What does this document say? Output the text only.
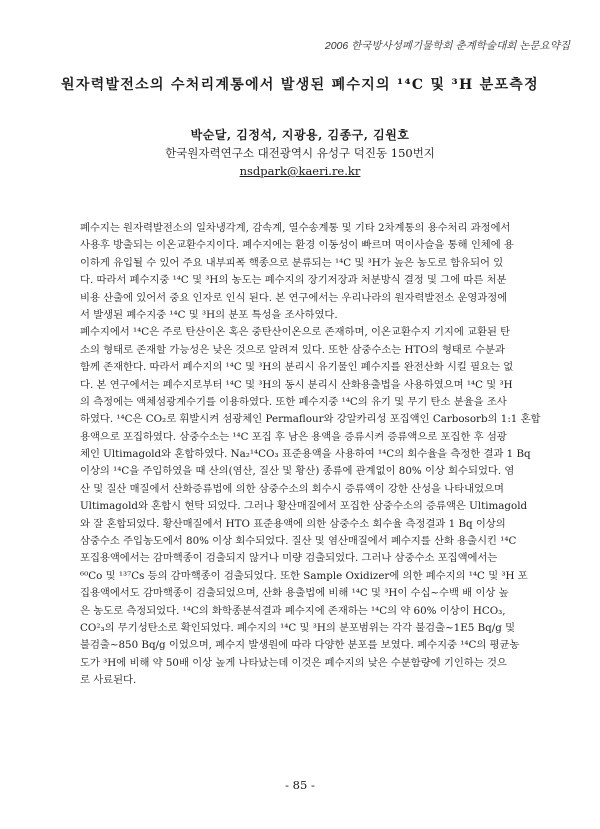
2006 한국방사성폐기물학회 춘계학술대회 논문요약집
원자력발전소의 수처리계통에서 발생된 폐수지의 ¹⁴C 및 ³H 분포측정
박순달, 김정석, 지광용, 김종구, 김원호
한국원자력연구소 대전광역시 유성구 덕진동 150번지
nsdpark@kaeri.re.kr
폐수지는 원자력발전소의 일차냉각계, 감속계, 열수송계통 및 기타 2차계통의 용수처리 과정에서
사용후 방출되는 이온교환수지이다. 폐수지에는 환경 이동성이 빠르며 먹이사슬을 통해 인체에 용
이하게 유입될 수 있어 주요 내부피폭 핵종으로 분류되는 ¹⁴C 및 ³H가 높은 농도로 함유되어 있
다. 따라서 폐수지중 ¹⁴C 및 ³H의 농도는 폐수지의 장기저장과 처분방식 결정 및 그에 따른 처분
비용 산출에 있어서 중요 인자로 인식 된다. 본 연구에서는 우리나라의 원자력발전소 운영과정에
서 발생된 폐수지중 ¹⁴C 및 ³H의 분포 특성을 조사하였다.
폐수지에서 ¹⁴C은 주로 탄산이온 혹은 중탄산이온으로 존재하며, 이온교환수지 기지에 교환된 탄
소의 형태로 존재할 가능성은 낮은 것으로 알려져 있다. 또한 삼중수소는 HTO의 형태로 수분과
함께 존재한다. 따라서 폐수지의 ¹⁴C 및 ³H의 분리시 유기물인 폐수지를 완전산화 시킬 필요는 없
다. 본 연구에서는 폐수지로부터 ¹⁴C 및 ³H의 동시 분리시 산화용출법을 사용하였으며 ¹⁴C 및 ³H
의 측정에는 액체섬광계수기를 이용하였다. 또한 폐수지중 ¹⁴C의 유기 및 무기 탄소 분율을 조사
하였다. ¹⁴C은 CO₂로 휘발시켜 섬광체인 Permaflour와 강알카리성 포집액인 Carbosorb의 1:1 혼합
용액으로 포집하였다. 삼중수소는 ¹⁴C 포집 후 남은 용액을 증류시켜 증류액으로 포집한 후 섬광
체인 Ultimagold와 혼합하였다. Na₂¹⁴CO₃ 표준용액을 사용하여 ¹⁴C의 회수율을 측정한 결과 1 Bq
이상의 ¹⁴C을 주입하였을 때 산의(염산, 질산 및 황산) 종류에 관계없이 80% 이상 회수되었다. 염
산 및 질산 매질에서 산화증류법에 의한 삼중수소의 회수시 증류액이 강한 산성을 나타내었으며
Ultimagold와 혼합시 현탁 되었다. 그러나 황산매질에서 포집한 삼중수소의 증류액은 Ultimagold
와 잘 혼합되었다. 황산매질에서 HTO 표준용액에 의한 삼중수소 회수율 측정결과 1 Bq 이상의
삼중수소 주입농도에서 80% 이상 회수되었다. 질산 및 염산매질에서 폐수지를 산화 용출시킨 ¹⁴C
포집용액에서는 감마핵종이 검출되지 않거나 미량 검출되었다. 그러나 삼중수소 포집액에서는
⁶⁰Co 및 ¹³⁷Cs 등의 감마핵종이 검출되었다. 또한 Sample Oxidizer에 의한 폐수지의 ¹⁴C 및 ³H 포
집용액에서도 감마핵종이 검출되었으며, 산화 용출법에 비해 ¹⁴C 및 ³H이 수십~수백 배 이상 높
은 농도로 측정되었다. ¹⁴C의 화학종분석결과 폐수지에 존재하는 ¹⁴C의 약 60% 이상이 HCO₃,
CO²₃의 무기성탄소로 확인되었다. 폐수지의 ¹⁴C 및 ³H의 분포범위는 각각 불검출~1E5 Bq/g 및
불검출~850 Bq/g 이었으며, 폐수지 발생원에 따라 다양한 분포를 보였다. 폐수지중 ¹⁴C의 평균농
도가 ³H에 비해 약 50배 이상 높게 나타났는데 이것은 폐수지의 낮은 수분함량에 기인하는 것으
로 사료된다.
- 85 -
